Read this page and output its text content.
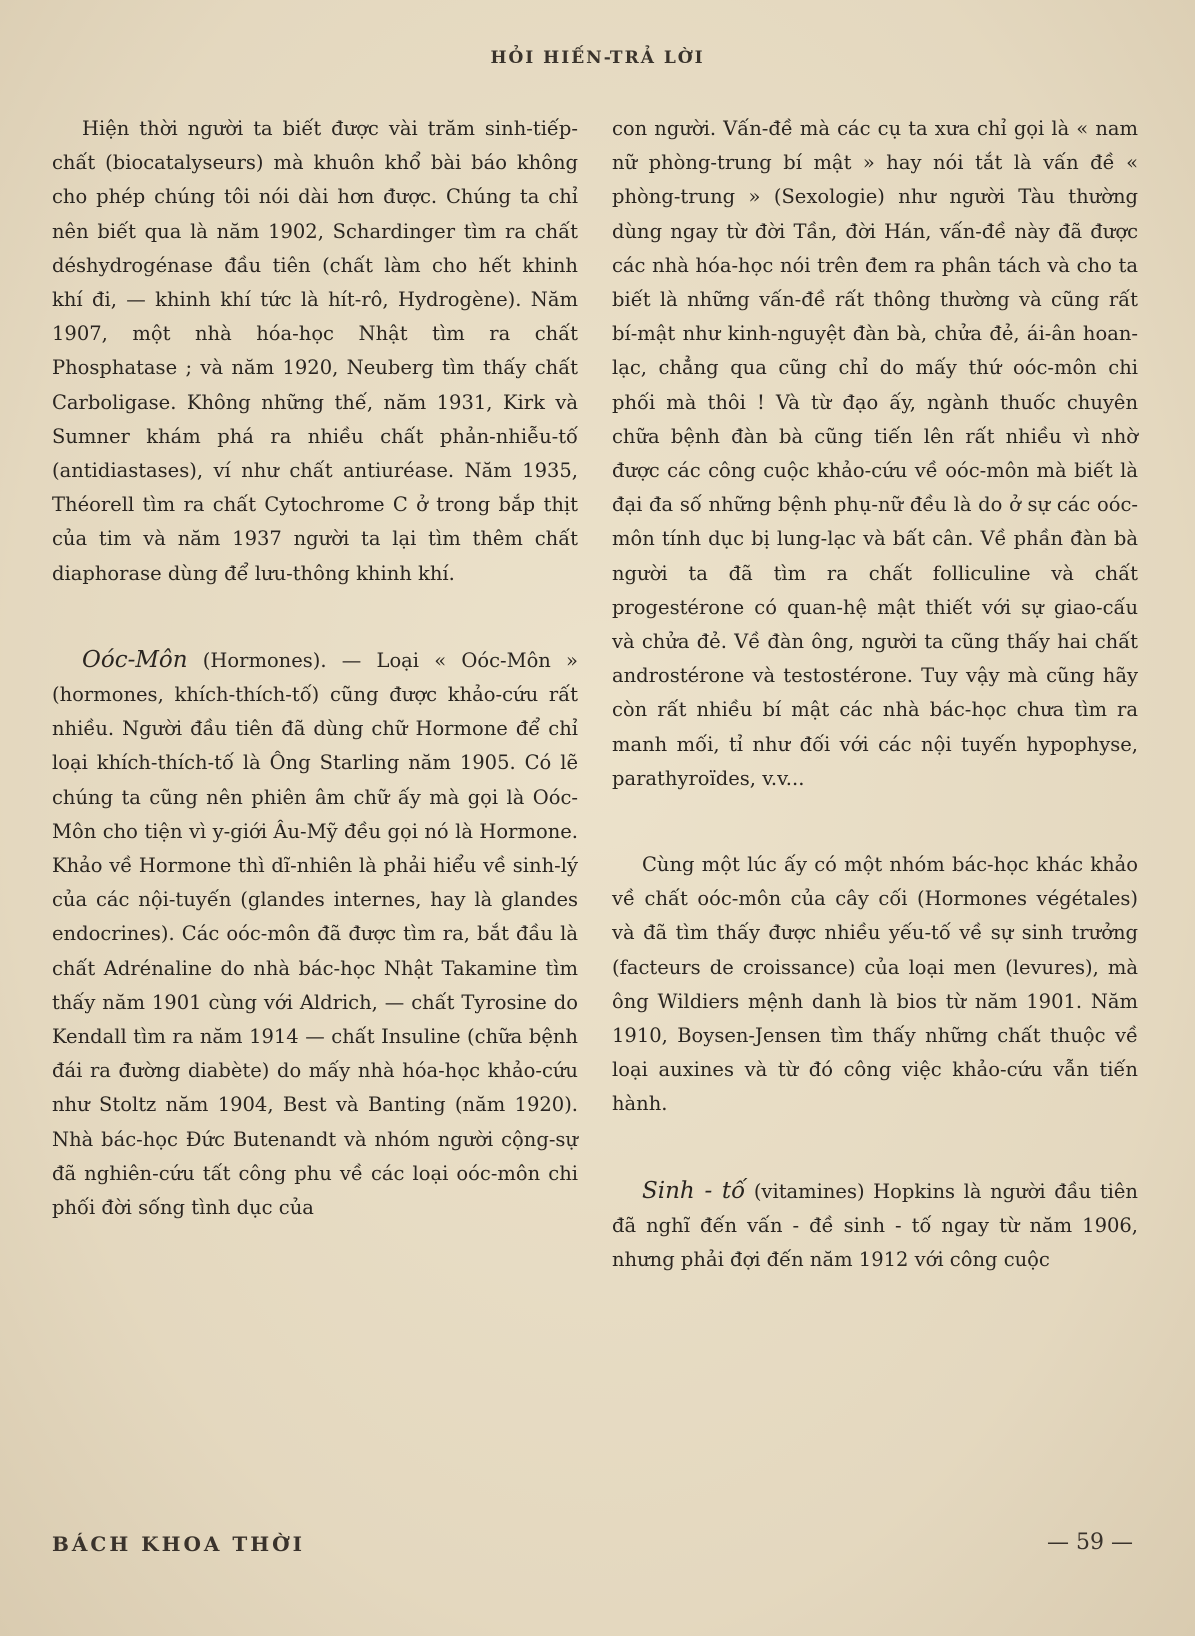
HỎI HIẾN-TRẢ LỜI

Hiện thời người ta biết được vài trăm sinh-tiếp-chất (biocatalyseurs) mà khuôn khổ bài báo không cho phép chúng tôi nói dài hơn được. Chúng ta chỉ nên biết qua là năm 1902, Schardinger tìm ra chất déshydrogénase đầu tiên (chất làm cho hết khinh khí đi, — khinh khí tức là hít-rô, Hydrogène). Năm 1907, một nhà hóa-học Nhật tìm ra chất Phosphatase ; và năm 1920, Neuberg tìm thấy chất Carboligase. Không những thế, năm 1931, Kirk và Sumner khám phá ra nhiều chất phản-nhiễu-tố (antidiastases), ví như chất antiuréase. Năm 1935, Théorell tìm ra chất Cytochrome C ở trong bắp thịt của tim và năm 1937 người ta lại tìm thêm chất diaphorase dùng để lưu-thông khinh khí.

Oóc-Môn (Hormones). — Loại « Oóc-Môn » (hormones, khích-thích-tố) cũng được khảo-cứu rất nhiều. Người đầu tiên đã dùng chữ Hormone để chỉ loại khích-thích-tố là Ông Starling năm 1905. Có lẽ chúng ta cũng nên phiên âm chữ ấy mà gọi là Oóc-Môn cho tiện vì y-giới Âu-Mỹ đều gọi nó là Hormone. Khảo về Hormone thì dĩ-nhiên là phải hiểu về sinh-lý của các nội-tuyến (glandes internes, hay là glandes endocrines). Các oóc-môn đã được tìm ra, bắt đầu là chất Adrénaline do nhà bác-học Nhật Takamine tìm thấy năm 1901 cùng với Aldrich, — chất Tyrosine do Kendall tìm ra năm 1914 — chất Insuline (chữa bệnh đái ra đường diabète) do mấy nhà hóa-học khảo-cứu như Stoltz năm 1904, Best và Banting (năm 1920). Nhà bác-học Đức Butenandt và nhóm người cộng-sự đã nghiên-cứu tất công phu về các loại oóc-môn chi phối đời sống tình dục của

con người. Vấn-đề mà các cụ ta xưa chỉ gọi là « nam nữ phòng-trung bí mật » hay nói tắt là vấn đề « phòng-trung » (Sexologie) như người Tàu thường dùng ngay từ đời Tần, đời Hán, vấn-đề này đã được các nhà hóa-học nói trên đem ra phân tách và cho ta biết là những vấn-đề rất thông thường và cũng rất bí-mật như kinh-nguyệt đàn bà, chửa đẻ, ái-ân hoan-lạc, chẳng qua cũng chỉ do mấy thứ oóc-môn chi phối mà thôi ! Và từ đạo ấy, ngành thuốc chuyên chữa bệnh đàn bà cũng tiến lên rất nhiều vì nhờ được các công cuộc khảo-cứu về oóc-môn mà biết là đại đa số những bệnh phụ-nữ đều là do ở sự các oóc-môn tính dục bị lung-lạc và bất cân. Về phần đàn bà người ta đã tìm ra chất folliculine và chất progestérone có quan-hệ mật thiết với sự giao-cấu và chửa đẻ. Về đàn ông, người ta cũng thấy hai chất androstérone và testostérone. Tuy vậy mà cũng hãy còn rất nhiều bí mật các nhà bác-học chưa tìm ra manh mối, tỉ như đối với các nội tuyến hypophyse, parathyroïdes, v.v...

Cùng một lúc ấy có một nhóm bác-học khác khảo về chất oóc-môn của cây cối (Hormones végétales) và đã tìm thấy được nhiều yếu-tố về sự sinh trưởng (facteurs de croissance) của loại men (levures), mà ông Wildiers mệnh danh là bios từ năm 1901. Năm 1910, Boysen-Jensen tìm thấy những chất thuộc về loại auxines và từ đó công việc khảo-cứu vẫn tiến hành.

Sinh - tố (vitamines) Hopkins là người đầu tiên đã nghĩ đến vấn - đề sinh - tố ngay từ năm 1906, nhưng phải đợi đến năm 1912 với công cuộc

BÁCH KHOA THỜI	— 59 —
